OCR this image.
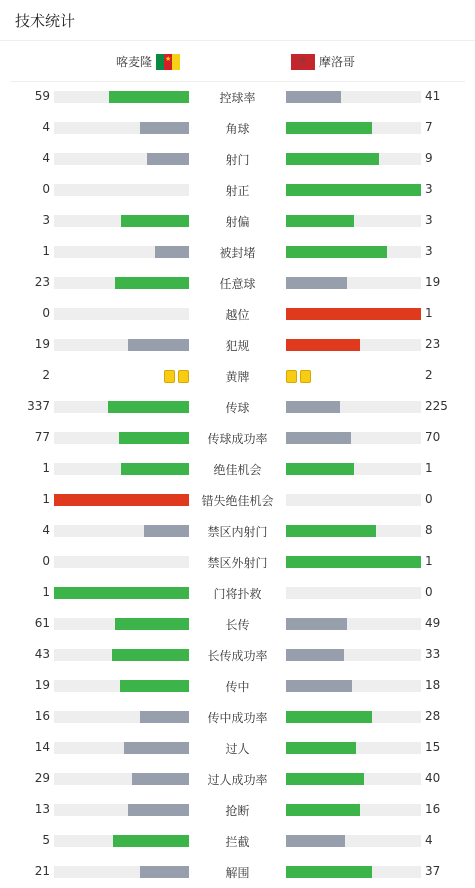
技术统计
喀麦隆 ★ ☆	摩洛哥
59	控球率	41
4	角球	7
4	射门	9
0	射正	3
3	射偏	3
1	被封堵	3
23	任意球	19
0	越位	1
19	犯规	23
2	黄牌	2
337	传球	225
77	传球成功率	70
1	绝佳机会	1
1	错失绝佳机会	0
4	禁区内射门	8
0	禁区外射门	1
1	门将扑救	0
61	长传	49
43	长传成功率	33
19	传中	18
16	传中成功率	28
14	过人	15
29	过人成功率	40
13	抢断	16
5	拦截	4
21	解围	37
